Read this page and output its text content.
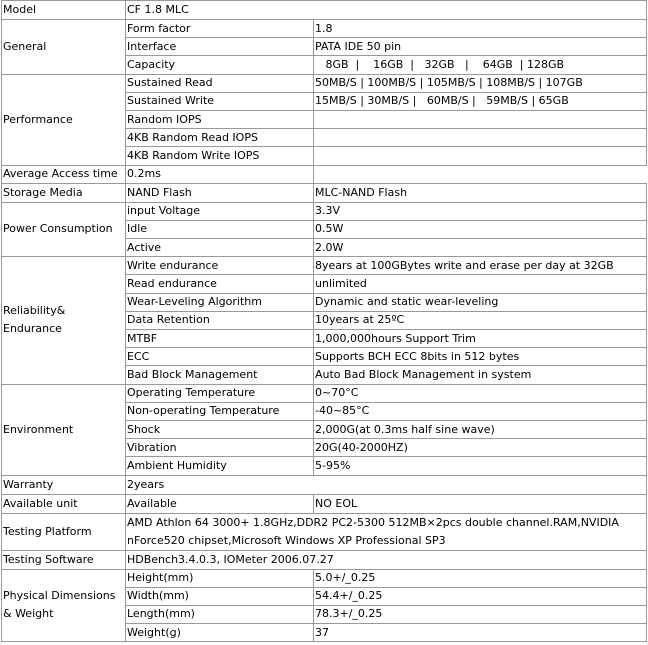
Model	CF 1.8 MLC	
General	Form factor	1.8
	Interface	PATA IDE 50 pin
	Capacity	8GB  |    16GB  |   32GB   |    64GB  | 128GB
Performance	Sustained Read	50MB/S | 100MB/S | 105MB/S | 108MB/S | 107GB
	Sustained Write	15MB/S | 30MB/S |   60MB/S |   59MB/S | 65GB
	Random IOPS	
	4KB Random Read IOPS	
	4KB Random Write IOPS	
Average Access time	0.2ms	
Storage Media	NAND Flash	MLC-NAND Flash
Power Consumption	input Voltage	3.3V
	Idle	0.5W
	Active	2.0W
Reliability& Endurance	Write endurance	8years at 100GBytes write and erase per day at 32GB
	Read endurance	unlimited
	Wear-Leveling Algorithm	Dynamic and static wear-leveling
	Data Retention	10years at 25ºC
	MTBF	1,000,000hours Support Trim
	ECC	Supports BCH ECC 8bits in 512 bytes
	Bad Block Management	Auto Bad Block Management in system
Environment	Operating Temperature	0~70°C
	Non-operating Temperature	-40~85°C
	Shock	2,000G(at 0.3ms half sine wave)
	Vibration	20G(40-2000HZ)
	Ambient Humidity	5-95%
Warranty	2years	
Available unit	Available	NO EOL
Testing Platform	AMD Athlon 64 3000+ 1.8GHz,DDR2 PC2-5300 512MB×2pcs double channel.RAM,NVIDIA nForce520 chipset,Microsoft Windows XP Professional SP3	
Testing Software	HDBench3.4.0.3, IOMeter 2006.07.27	
Physical Dimensions & Weight	Height(mm)	5.0+/_0.25
	Width(mm)	54.4+/_0.25
	Length(mm)	78.3+/_0.25
	Weight(g)	37
